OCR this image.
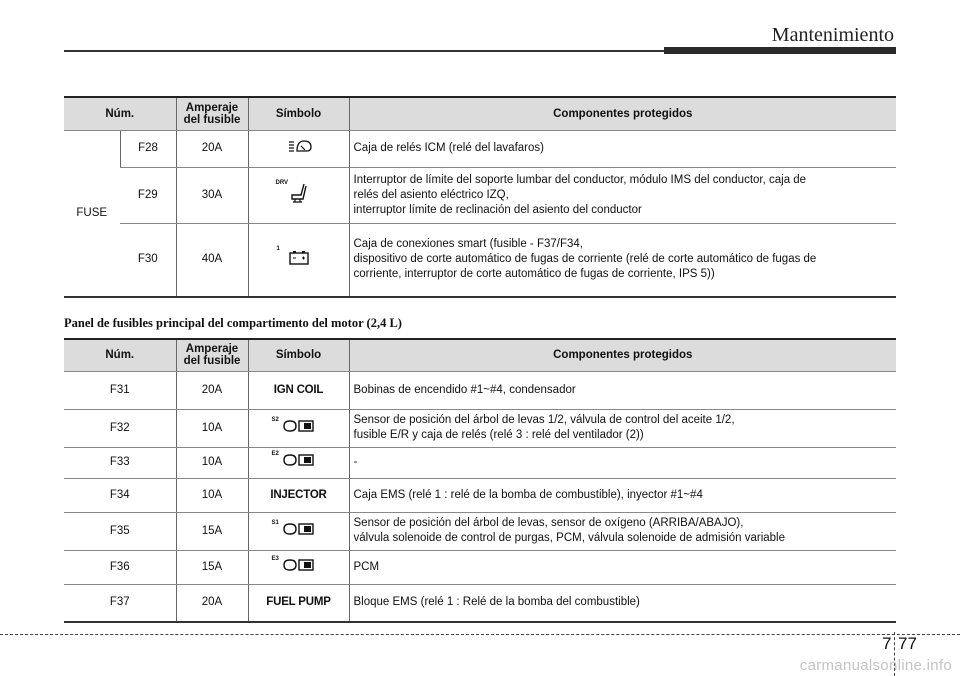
Mantenimiento
Núm.		Amperaje del fusible	Símbolo	Componentes protegidos
FUSE	F28	20A		Caja de relés ICM (relé del lavafaros)
	F29	30A	DRV	Interruptor de límite del soporte lumbar del conductor, módulo IMS del conductor, caja de
relés del asiento eléctrico IZQ,
interruptor límite de reclinación del asiento del conductor

	F30	40A	1	Caja de conexiones smart (fusible - F37/F34,
dispositivo de corte automático de fugas de corriente (relé de corte automático de fugas de
corriente, interruptor de corte automático de fugas de corriente, IPS 5))
Panel de fusibles principal del compartimento del motor (2,4 L)
Núm.	Amperaje del fusible	Símbolo	Componentes protegidos
F31	20A	IGN COIL	Bobinas de encendido #1~#4, condensador
F32	10A	S2	Sensor de posición del árbol de levas 1/2, válvula de control del aceite 1/2,
fusible E/R y caja de relés (relé 3 : relé del ventilador (2))

F33	10A	E2	-
F34	10A	INJECTOR	Caja EMS (relé 1 : relé de la bomba de combustible), inyector #1~#4
F35	15A	S1	Sensor de posición del árbol de levas, sensor de oxígeno (ARRIBA/ABAJO),
válvula solenoide de control de purgas, PCM, válvula solenoide de admisión variable

F36	15A	E3	PCM
F37	20A	FUEL PUMP	Bloque EMS (relé 1 : Relé de la bomba del combustible)
7 77
carmanualsonline.info
